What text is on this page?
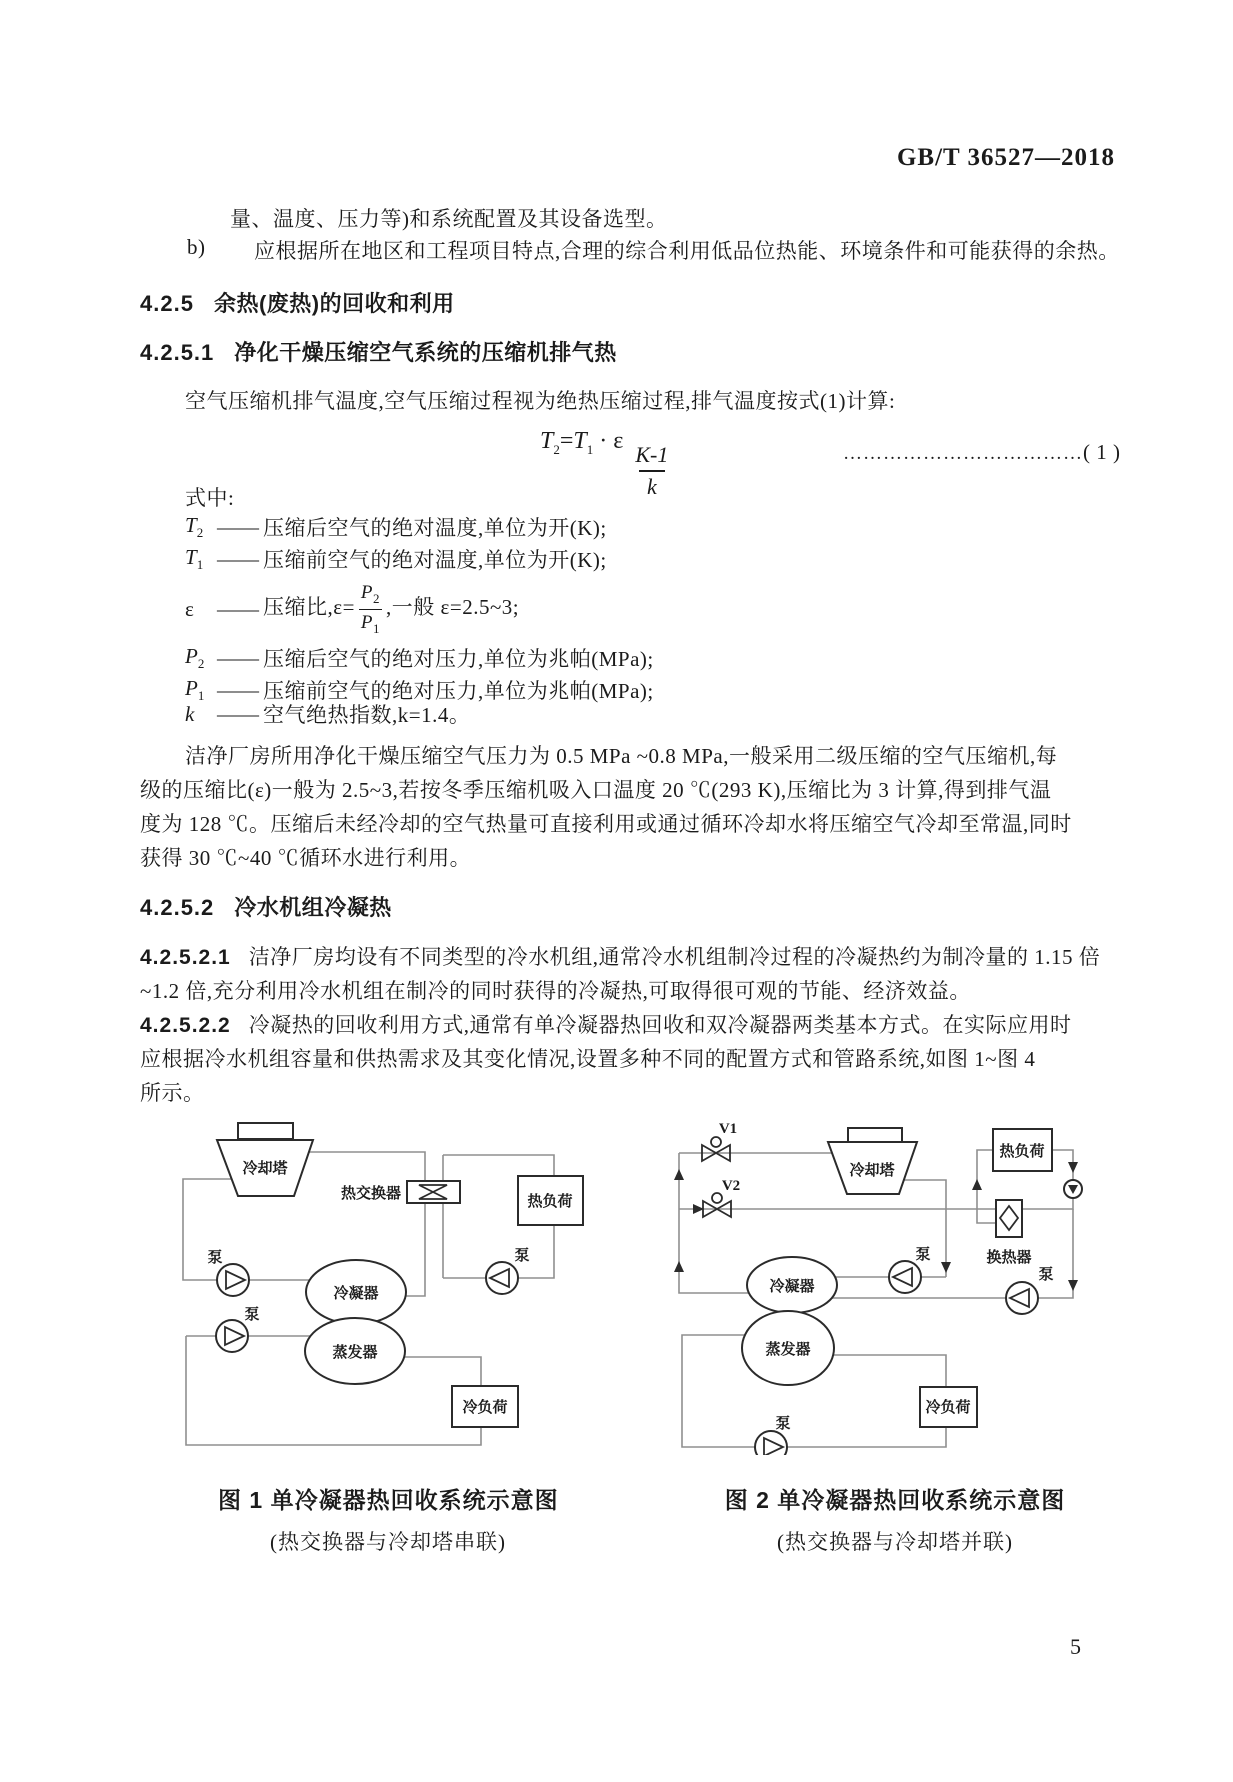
GB/T 36527—2018
量、温度、压力等)和系统配置及其设备选型。
b) 应根据所在地区和工程项目特点,合理的综合利用低品位热能、环境条件和可能获得的余热。
4.2.5 余热(废热)的回收和利用
4.2.5.1 净化干燥压缩空气系统的压缩机排气热
空气压缩机排气温度,空气压缩过程视为绝热压缩过程,排气温度按式(1)计算:
$T_2=T_1 \cdot \varepsilon$
$\frac{K-1}{k}$	………………………………( 1 )
式中:
$T_2$ —— 压缩后空气的绝对温度,单位为开(K);
$T_1$ —— 压缩前空气的绝对温度,单位为开(K);
ε	—— 压缩比$,\varepsilon= \frac{P_2}{P_1}$ ,一般 ε=2.5~3;
$P_2$ —— 压缩后空气的绝对压力,单位为兆帕(MPa);
$P_1$ —— 压缩前空气的绝对压力,单位为兆帕(MPa);
k	—— 空气绝热指数,k=1.4。
洁净厂房所用净化干燥压缩空气压力为 0.5 MPa ~0.8 MPa,一般采用二级压缩的空气压缩机,每
级的压缩比(ε)一般为 2.5~3,若按冬季压缩机吸入口温度 20 ℃(293 K),压缩比为 3 计算,得到排气温
度为 128 ℃。压缩后未经冷却的空气热量可直接利用或通过循环冷却水将压缩空气冷却至常温,同时
获得 30 ℃~40 ℃循环水进行利用。
4.2.5.2 冷水机组冷凝热
4.2.5.2.1 洁净厂房均设有不同类型的冷水机组,通常冷水机组制冷过程的冷凝热约为制冷量的 1.15 倍
~1.2 倍,充分利用冷水机组在制冷的同时获得的冷凝热,可取得很可观的节能、经济效益。
4.2.5.2.2 冷凝热的回收利用方式,通常有单冷凝器热回收和双冷凝器两类基本方式。在实际应用时
应根据冷水机组容量和供热需求及其变化情况,设置多种不同的配置方式和管路系统,如图 1~图 4
所示。
冷却塔
冷凝器
蒸发器
热交换器	热负荷
冷负荷
泵
泵
泵
V1
V2
冷却塔
冷凝器
蒸发器
热负荷
换热器
冷负荷
泵
泵
泵
图 1 单冷凝器热回收系统示意图
(热交换器与冷却塔串联)
图 2 单冷凝器热回收系统示意图
(热交换器与冷却塔并联)
5
